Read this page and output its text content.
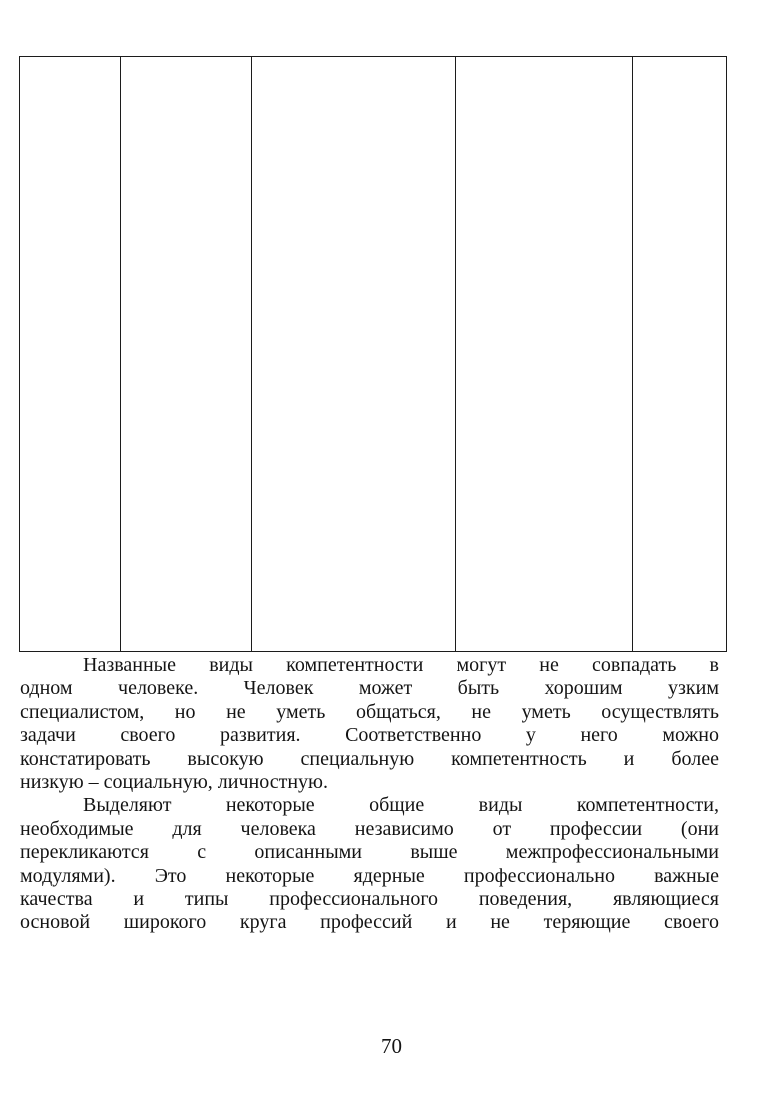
Названные виды компетентности могут не совпадать в
одном человеке. Человек может быть хорошим узким
специалистом, но не уметь общаться, не уметь осуществлять
задачи своего развития. Соответственно у него можно
констатировать высокую специальную компетентность и более
низкую – социальную, личностную.

Выделяют некоторые общие виды компетентности,
необходимые для человека независимо от профессии (они
перекликаются с описанными выше межпрофессиональными
модулями). Это некоторые ядерные профессионально важные
качества и типы профессионального поведения, являющиеся
основой широкого круга профессий и не теряющие своего

70
